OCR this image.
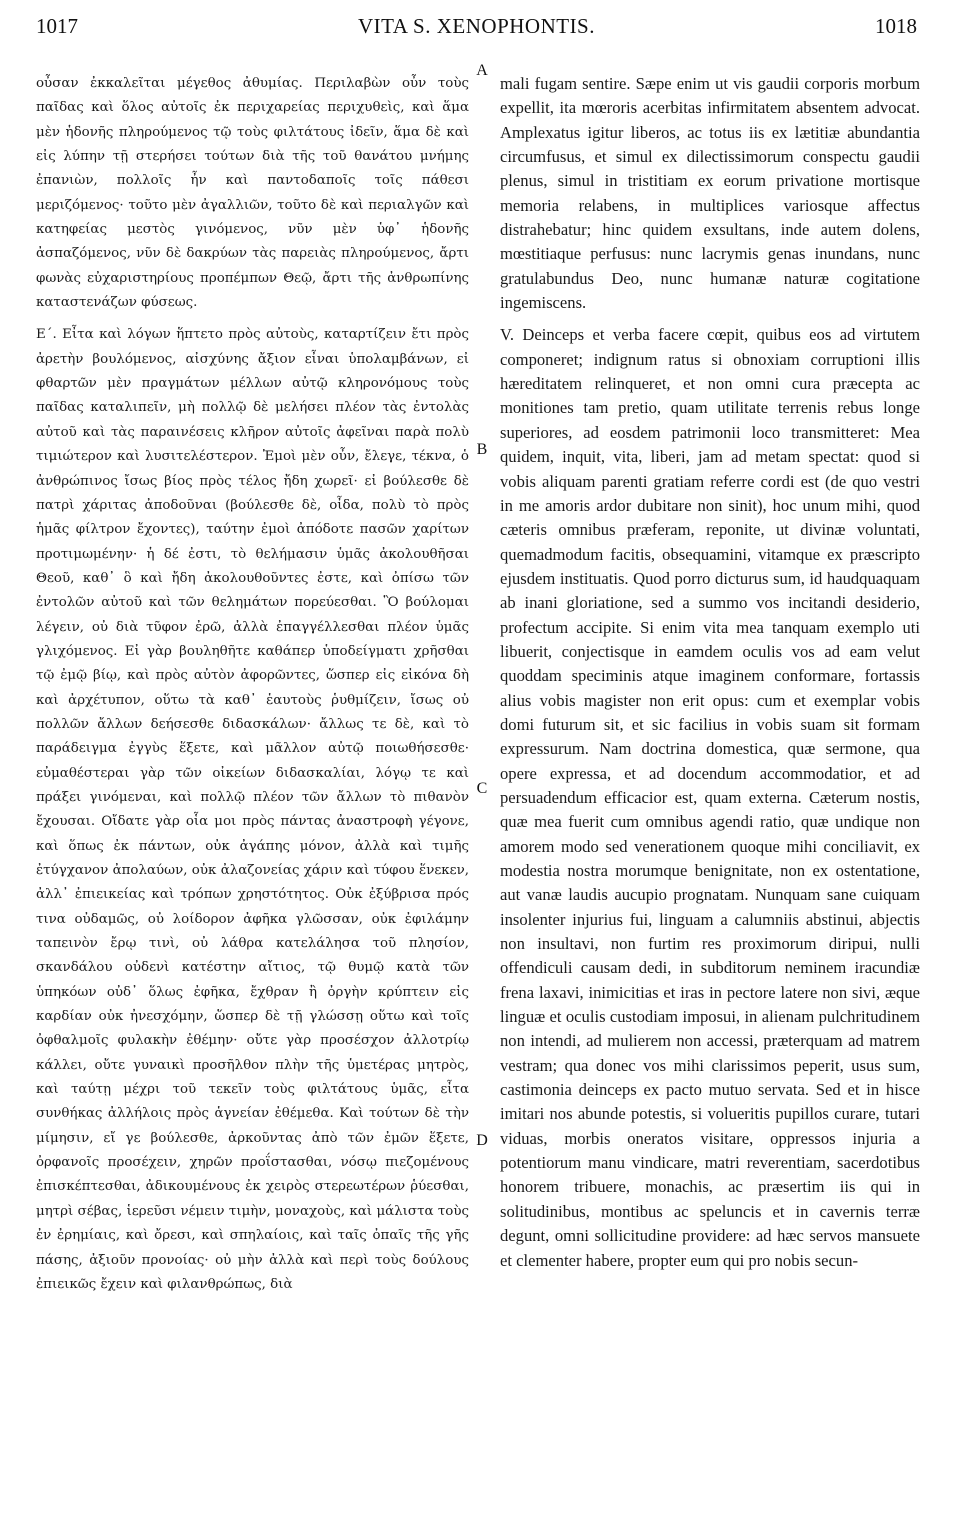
1017	VITA S. XENOPHONTIS.	1018

οὖσαν ἐκκαλεῖται μέγεθος ἀθυμίας. Περιλαβὼν οὖν τοὺς παῖδας καὶ ὅλος αὐτοῖς ἐκ περιχαρείας περιχυθεὶς, καὶ ἅμα μὲν ἡδονῆς πληρούμενος τῷ τοὺς φιλτάτους ἰδεῖν, ἅμα δὲ καὶ εἰς λύπην τῇ στερήσει τούτων διὰ τῆς τοῦ θανάτου μνήμης ἐπανιὼν, πολλοῖς ἦν καὶ παντοδαποῖς τοῖς πάθεσι μεριζόμενος· τοῦτο μὲν ἀγαλλιῶν, τοῦτο δὲ καὶ περιαλγῶν καὶ κατηφείας μεστὸς γινόμενος, νῦν μὲν ὑφ᾽ ἡδονῆς ἀσπαζόμενος, νῦν δὲ δακρύων τὰς παρειὰς πληρούμενος, ἄρτι φωνὰς εὐχαριστηρίους προπέμπων Θεῷ, ἄρτι τῆς ἀνθρωπίνης καταστενάζων φύσεως.

Ε΄. Εἶτα καὶ λόγων ἥπτετο πρὸς αὐτοὺς, καταρτίζειν ἔτι πρὸς ἀρετὴν βουλόμενος, αἰσχύνης ἄξιον εἶναι ὑπολαμβάνων, εἰ φθαρτῶν μὲν πραγμάτων μέλλων αὐτῷ κληρονόμους τοὺς παῖδας καταλιπεῖν, μὴ πολλῷ δὲ μελήσει πλέον τὰς ἐντολὰς αὐτοῦ καὶ τὰς παραινέσεις κλῆρον αὐτοῖς ἀφεῖναι παρὰ πολὺ τιμιώτερον καὶ λυσιτελέστερον. Ἐμοὶ μὲν οὖν, ἔλεγε, τέκνα, ὁ ἀνθρώπινος ἴσως βίος πρὸς τέλος ἤδη χωρεῖ· εἰ βούλεσθε δὲ πατρὶ χάριτας ἀποδοῦναι (βούλεσθε δὲ, οἶδα, πολὺ τὸ πρὸς ἡμᾶς φίλτρον ἔχοντες), ταύτην ἐμοὶ ἀπόδοτε πασῶν χαρίτων προτιμωμένην· ἡ δέ ἐστι, τὸ θελήμασιν ὑμᾶς ἀκολουθῆσαι Θεοῦ, καθ᾽ ὃ καὶ ἤδη ἀκολουθοῦντες ἐστε, καὶ ὀπίσω τῶν ἐντολῶν αὐτοῦ καὶ τῶν θελημάτων πορεύεσθαι. Ὃ βούλομαι λέγειν, οὐ διὰ τῦφον ἐρῶ, ἀλλὰ ἐπαγγέλλεσθαι πλέον ὑμᾶς γλιχόμενος. Εἰ γὰρ βουληθῆτε καθάπερ ὑποδείγματι χρῆσθαι τῷ ἐμῷ βίῳ, καὶ πρὸς αὐτὸν ἀφορῶντες, ὥσπερ εἰς εἰκόνα δὴ καὶ ἀρχέτυπον, οὕτω τὰ καθ᾽ ἑαυτοὺς ῥυθμίζειν, ἴσως οὐ πολλῶν ἄλλων δεήσεσθε διδασκάλων· ἄλλως τε δὲ, καὶ τὸ παράδειγμα ἐγγὺς ἕξετε, καὶ μᾶλλον αὐτῷ ποιωθήσεσθε· εὐμαθέστεραι γὰρ τῶν οἰκείων διδασκαλίαι, λόγῳ τε καὶ πράξει γινόμεναι, καὶ πολλῷ πλέον τῶν ἄλλων τὸ πιθανὸν ἔχουσαι. Οἴδατε γὰρ οἷα μοι πρὸς πάντας ἀναστροφὴ γέγονε, καὶ ὅπως ἐκ πάντων, οὐκ ἀγάπης μόνον, ἀλλὰ καὶ τιμῆς ἐτύγχανον ἀπολαύων, οὐκ ἀλαζονείας χάριν καὶ τύφου ἕνεκεν, ἀλλ᾽ ἐπιεικείας καὶ τρόπων χρηστότητος. Οὐκ ἐξύβρισα πρός τινα οὐδαμῶς, οὐ λοίδορον ἀφῆκα γλῶσσαν, οὐκ ἐφιλάμην ταπεινὸν ἔρῳ τινὶ, οὐ λάθρα κατελάλησα τοῦ πλησίον, σκανδάλου οὐδενὶ κατέστην αἴτιος, τῷ θυμῷ κατὰ τῶν ὑπηκόων οὐδ᾽ ὅλως ἐφῆκα, ἔχθραν ἢ ὀργὴν κρύπτειν εἰς καρδίαν οὐκ ἠνεσχόμην, ὥσπερ δὲ τῇ γλώσσῃ οὕτω καὶ τοῖς ὀφθαλμοῖς φυλακὴν ἐθέμην· οὔτε γὰρ προσέσχον ἀλλοτρίῳ κάλλει, οὔτε γυναικὶ προσῆλθον πλὴν τῆς ὑμετέρας μητρὸς, καὶ ταύτῃ μέχρι τοῦ τεκεῖν τοὺς φιλτάτους ὑμᾶς, εἶτα συνθήκας ἀλλήλοις πρὸς ἁγνείαν ἐθέμεθα. Καὶ τούτων δὲ τὴν μίμησιν, εἴ γε βούλεσθε, ἀρκοῦντας ἀπὸ τῶν ἐμῶν ἕξετε, ὀρφανοῖς προσέχειν, χηρῶν προΐστασθαι, νόσῳ πιεζομένους ἐπισκέπτεσθαι, ἀδικουμένους ἐκ χειρὸς στερεωτέρων ῥύεσθαι, μητρὶ σέβας, ἱερεῦσι νέμειν τιμὴν, μοναχοὺς, καὶ μάλιστα τοὺς ἐν ἐρημίαις, καὶ ὄρεσι, καὶ σπηλαίοις, καὶ ταῖς ὀπαῖς τῆς γῆς πάσης, ἀξιοῦν προνοίας· οὐ μὴν ἀλλὰ καὶ περὶ τοὺς δούλους ἐπιεικῶς ἔχειν καὶ φιλανθρώπως, διὰ

A
B
C
D

mali fugam sentire. Sæpe enim ut vis gaudii corporis morbum expellit, ita mœroris acerbitas infirmitatem absentem advocat. Amplexatus igitur liberos, ac totus iis ex lætitiæ abundantia circumfusus, et simul ex dilectissimorum conspectu gaudii plenus, simul in tristitiam ex eorum privatione mortisque memoria relabens, in multiplices variosque affectus distrahebatur; hinc quidem exsultans, inde autem dolens, mœstitiaque perfusus: nunc lacrymis genas inundans, nunc gratulabundus Deo, nunc humanæ naturæ cogitatione ingemiscens.

V. Deinceps et verba facere cœpit, quibus eos ad virtutem componeret; indignum ratus si obnoxiam corruptioni illis hæreditatem relinqueret, et non omni cura præcepta ac monitiones tam pretio, quam utilitate terrenis rebus longe superiores, ad eosdem patrimonii loco transmitteret: Mea quidem, inquit, vita, liberi, jam ad metam spectat: quod si vobis aliquam parenti gratiam referre cordi est (de quo vestri in me amoris ardor dubitare non sinit), hoc unum mihi, quod cæteris omnibus præferam, reponite, ut divinæ voluntati, quemadmodum facitis, obsequamini, vitamque ex præscripto ejusdem instituatis. Quod porro dicturus sum, id haudquaquam ab inani gloriatione, sed a summo vos incitandi desiderio, profectum accipite. Si enim vita mea tanquam exemplo uti libuerit, conjectisque in eamdem oculis vos ad eam velut quoddam speciminis atque imaginem conformare, fortassis alius vobis magister non erit opus: cum et exemplar vobis domi futurum sit, et sic facilius in vobis suam sit formam expressurum. Nam doctrina domestica, quæ sermone, qua opere expressa, et ad docendum accommodatior, et ad persuadendum efficacior est, quam externa. Cæterum nostis, quæ mea fuerit cum omnibus agendi ratio, quæ undique non amorem modo sed venerationem quoque mihi conciliavit, ex modestia nostra morumque benignitate, non ex ostentatione, aut vanæ laudis aucupio prognatam. Nunquam sane cuiquam insolenter injurius fui, linguam a calumniis abstinui, abjectis non insultavi, non furtim res proximorum diripui, nulli offendiculi causam dedi, in subditorum neminem iracundiæ frena laxavi, inimicitias et iras in pectore latere non sivi, æque linguæ et oculis custodiam imposui, in alienam pulchritudinem non intendi, ad mulierem non accessi, præterquam ad matrem vestram; qua donec vos mihi clarissimos peperit, usus sum, castimonia deinceps ex pacto mutuo servata. Sed et in hisce imitari nos abunde potestis, si volueritis pupillos curare, tutari viduas, morbis oneratos visitare, oppressos injuria a potentiorum manu vindicare, matri reverentiam, sacerdotibus honorem tribuere, monachis, ac præsertim iis qui in solitudinibus, montibus ac speluncis et in cavernis terræ degunt, omni sollicitudine providere: ad hæc servos mansuete et clementer habere, propter eum qui pro nobis secun-
